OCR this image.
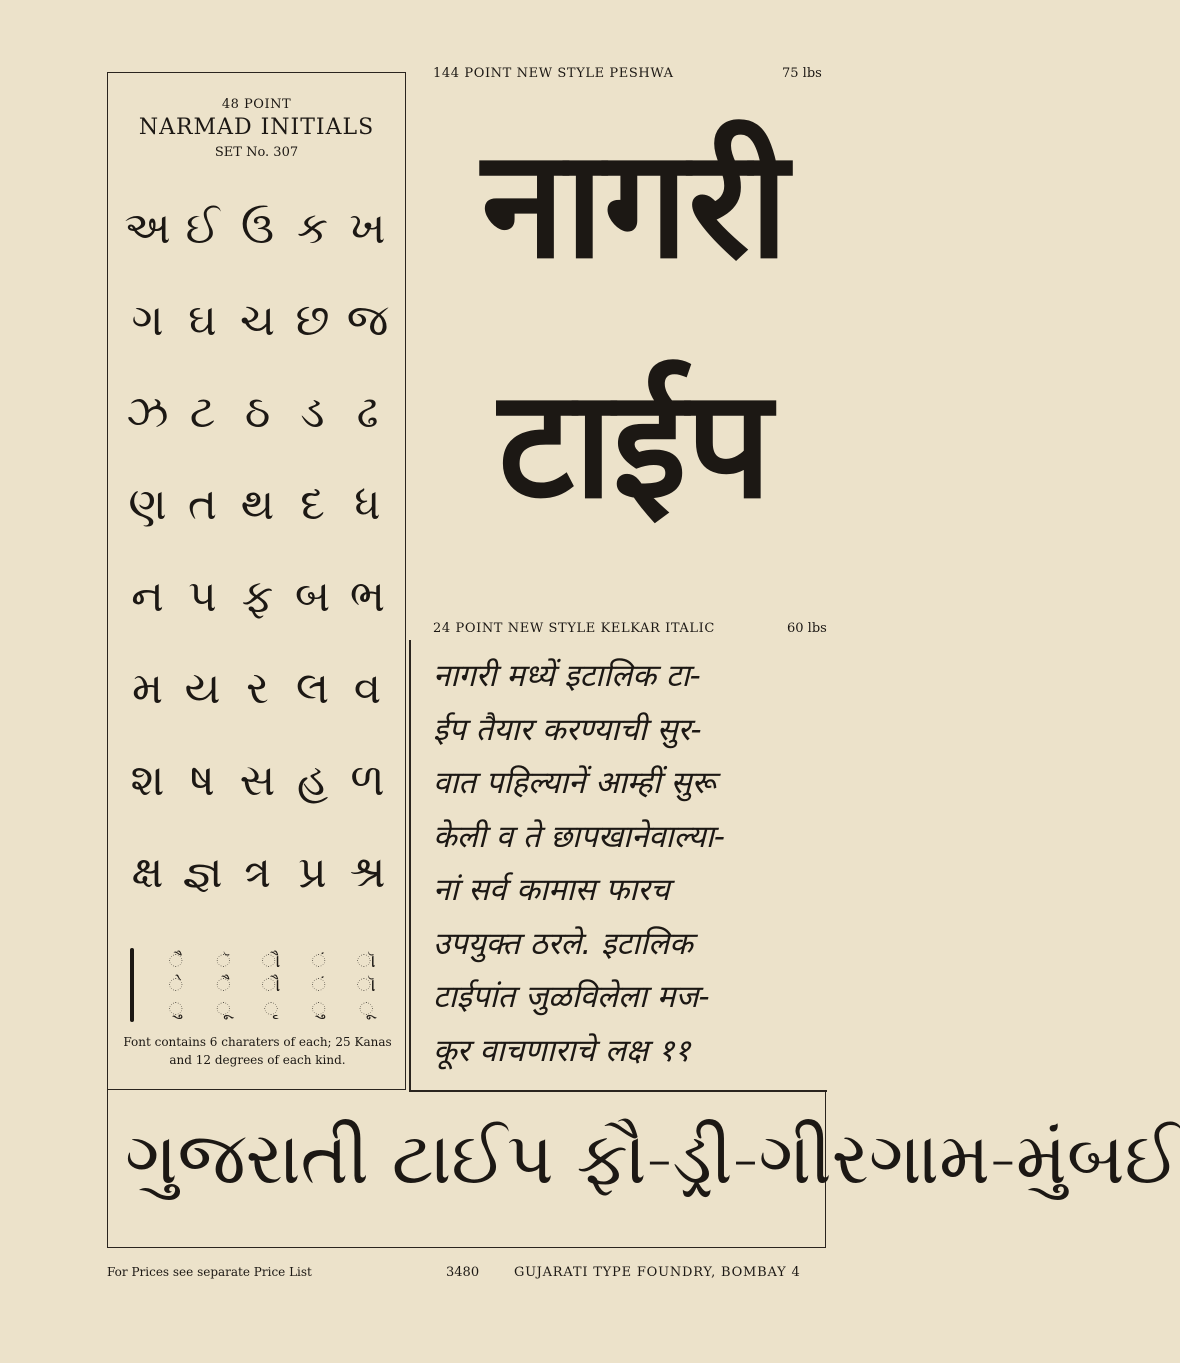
48 POINT
NARMAD INITIALS
SET No. 307
અ ઈ ઉ ક ખ
ગ ઘ ચ છ જ
ઝ ટ ઠ ડ ઢ
ણ ત થ દ ધ
ન પ ફ બ ભ
મ ય ર લ વ
શ ષ સ હ ળ
ક્ષ જ્ઞ ત્ર પ્ર શ્ર
ૈ	ૅ	ૌ	ં	ૉ
ે	ૈ	ૌ	ં	ૉ
ુ	ૂ	ૃ	ુ	ૂ
Font contains 6 charaters of each; 25 Kanas and 12 degrees of each kind.
144 POINT NEW STYLE PESHWA	75 lbs
नागरी
टाईप
24 POINT NEW STYLE KELKAR ITALIC	60 lbs
नागरी मध्यें इटालिक टा-
ईप तैयार करण्याची सुर-
वात पहिल्यानें आम्हीं सुरू
केली व ते छापखानेवाल्या-
नां सर्व कामास फारच
उपयुक्त ठरले. इटालिक
टाईपांत जुळविलेला मज-
कूर वाचणाराचे लक्ष ११
ગુજરાતી ટાઈપ ફૌ-ડ્રી-ગીરગામ-મુંબઈ
For Prices see separate Price List	3480	GUJARATI TYPE FOUNDRY, BOMBAY 4
